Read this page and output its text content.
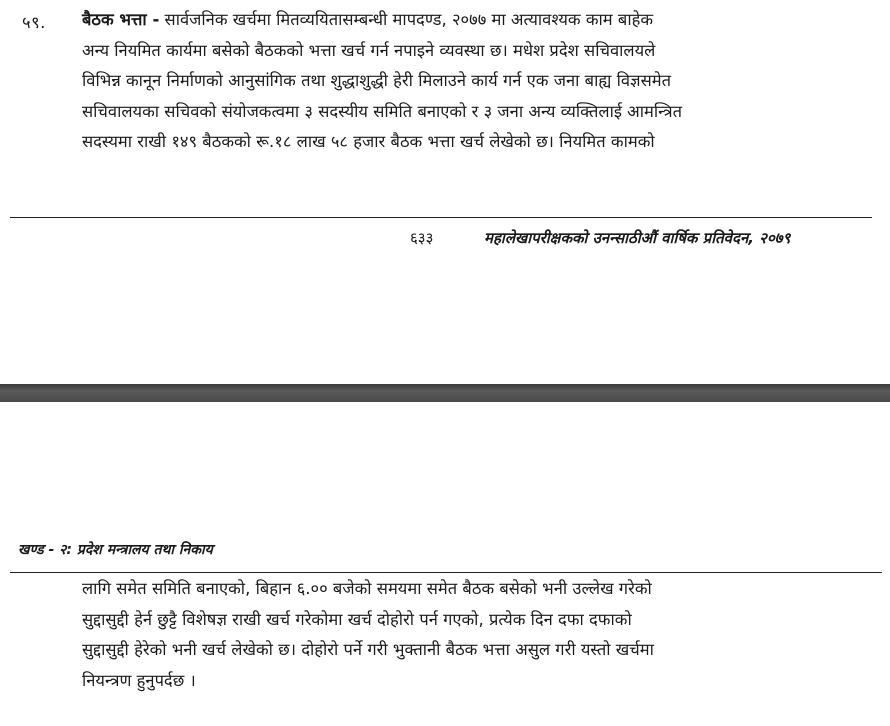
५९. बैठक भत्ता - सार्वजनिक खर्चमा मितव्ययितासम्बन्धी मापदण्ड, २०७७ मा अत्यावश्यक काम बाहेक
अन्य नियमित कार्यमा बसेको बैठकको भत्ता खर्च गर्न नपाइने व्यवस्था छ। मधेश प्रदेश सचिवालयले
विभिन्न कानून निर्माणको आनुसांगिक तथा शुद्धाशुद्धी हेरी मिलाउने कार्य गर्न एक जना बाह्य विज्ञसमेत
सचिवालयका सचिवको संयोजकत्वमा ३ सदस्यीय समिति बनाएको र ३ जना अन्य व्यक्तिलाई आमन्त्रित
सदस्यमा राखी १४९ बैठकको रू.१८ लाख ५८ हजार बैठक भत्ता खर्च लेखेको छ। नियमित कामको
६३३	महालेखापरीक्षकको उनन्साठीऔं वार्षिक प्रतिवेदन, २०७९
खण्ड - २: प्रदेश मन्त्रालय तथा निकाय
लागि समेत समिति बनाएको, बिहान ६.०० बजेको समयमा समेत बैठक बसेको भनी उल्लेख गरेको
सुद्दासुद्दी हेर्न छुट्टै विशेषज्ञ राखी खर्च गरेकोमा खर्च दोहोरो पर्न गएको, प्रत्येक दिन दफा दफाको
सुद्दासुद्दी हेरेको भनी खर्च लेखेको छ। दोहोरो पर्ने गरी भुक्तानी बैठक भत्ता असुल गरी यस्तो खर्चमा
नियन्त्रण हुनुपर्दछ ।
